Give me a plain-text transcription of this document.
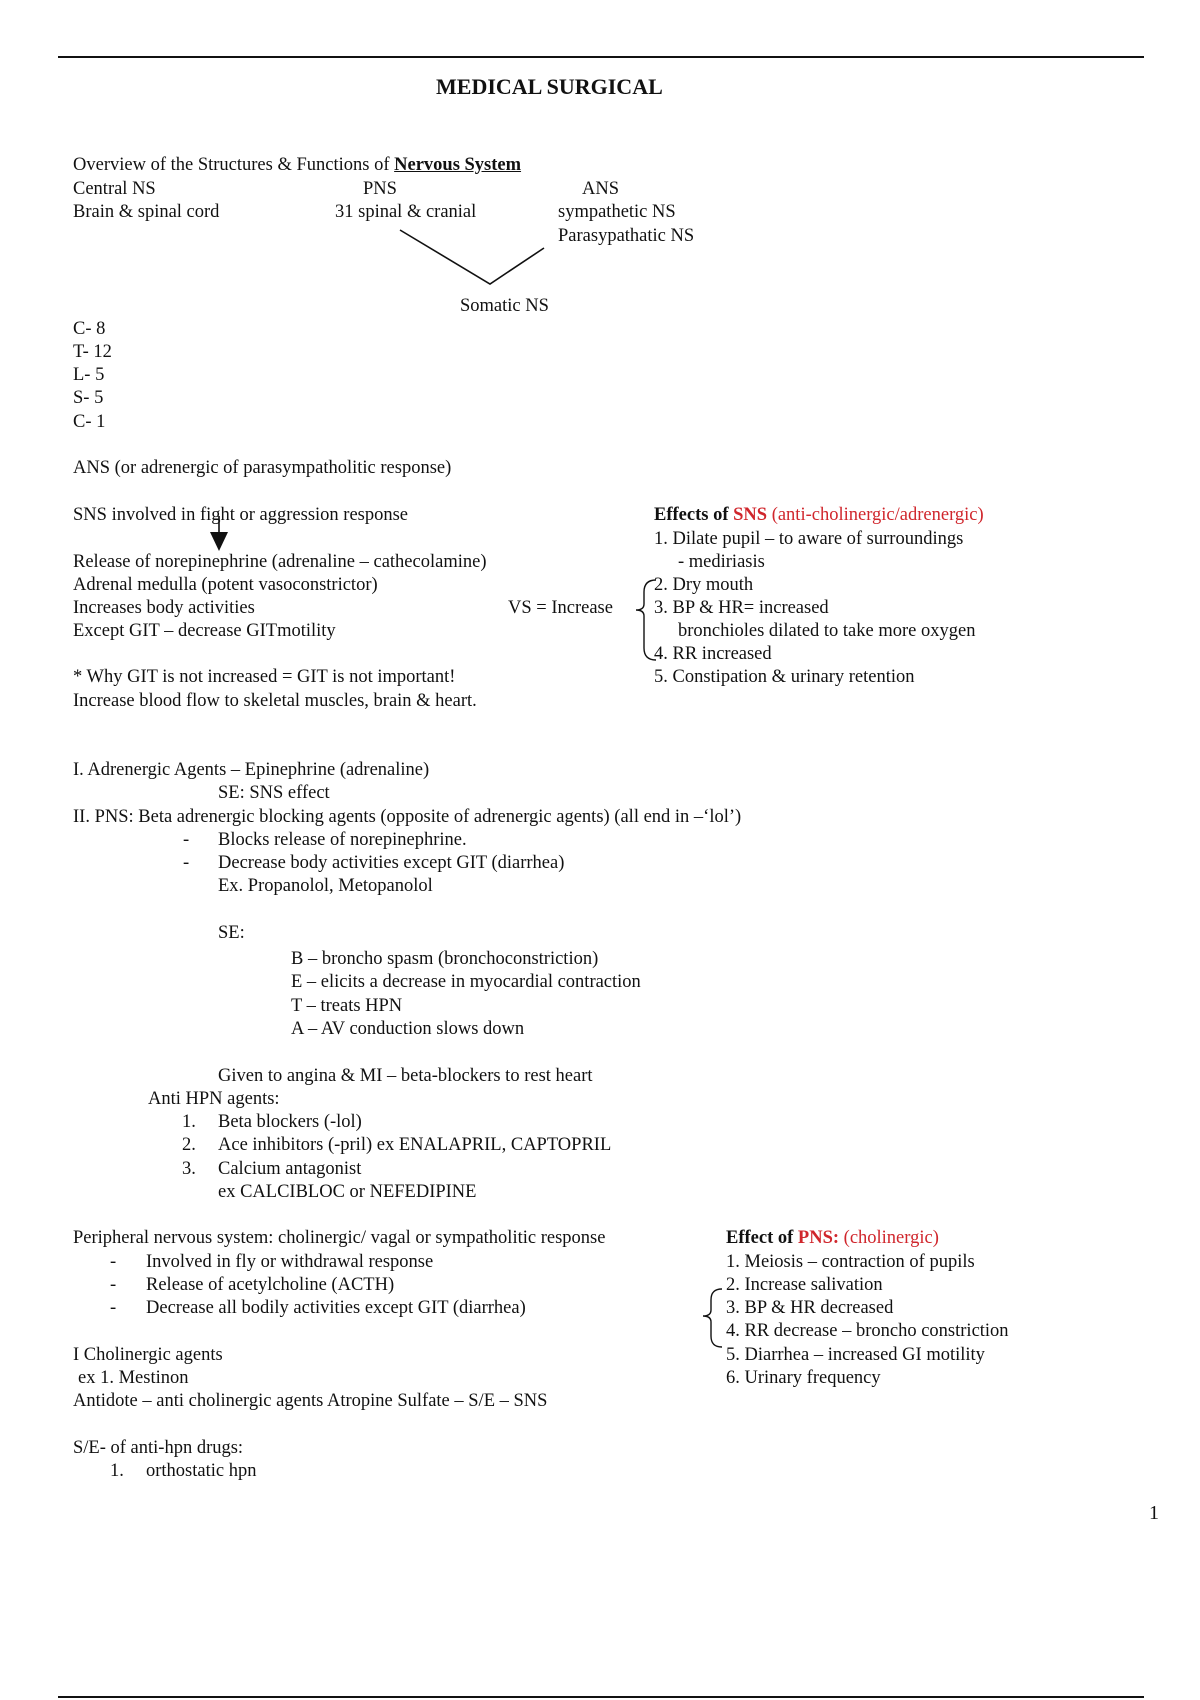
MEDICAL SURGICAL
Overview of the Structures & Functions of Nervous System
Central NS
Brain & spinal cord
PNS
31 spinal & cranial
ANS
sympathetic NS
Parasypathatic NS
Somatic NS
C- 8
T- 12
L- 5
S- 5
C- 1
ANS (or adrenergic of parasympatholitic response)
SNS involved in fight or aggression response
Release of norepinephrine (adrenaline – cathecolamine)
Adrenal medulla (potent vasoconstrictor)
Increases body activities
Except GIT – decrease GITmotility
VS = Increase
* Why GIT is not increased = GIT is not important!
Increase blood flow to skeletal muscles, brain & heart.
Effects of SNS (anti-cholinergic/adrenergic)
1. Dilate pupil – to aware of surroundings
- mediriasis
2. Dry mouth
3. BP & HR= increased
bronchioles dilated to take more oxygen
4. RR increased
5. Constipation & urinary retention
I. Adrenergic Agents – Epinephrine (adrenaline)
SE: SNS effect
II. PNS: Beta adrenergic blocking agents (opposite of adrenergic agents) (all end in –‘lol’)
- Blocks release of norepinephrine.
- Decrease body activities except GIT (diarrhea)
Ex. Propanolol, Metopanolol
SE:
B – broncho spasm (bronchoconstriction)
E – elicits a decrease in myocardial contraction
T – treats HPN
A – AV conduction slows down
Given to angina & MI – beta-blockers to rest heart
Anti HPN agents:
1. Beta blockers (-lol)
2. Ace inhibitors (-pril) ex ENALAPRIL, CAPTOPRIL
3. Calcium antagonist
ex CALCIBLOC or NEFEDIPINE
Peripheral nervous system: cholinergic/ vagal or sympatholitic response
- Involved in fly or withdrawal response
- Release of acetylcholine (ACTH)
- Decrease all bodily activities except GIT (diarrhea)
I Cholinergic agents
ex 1. Mestinon
Antidote – anti cholinergic agents Atropine Sulfate – S/E – SNS
S/E- of anti-hpn drugs:
1. orthostatic hpn
Effect of PNS: (cholinergic)
1. Meiosis – contraction of pupils
2. Increase salivation
3. BP & HR decreased
4. RR decrease – broncho constriction
5. Diarrhea – increased GI motility
6. Urinary frequency
1
